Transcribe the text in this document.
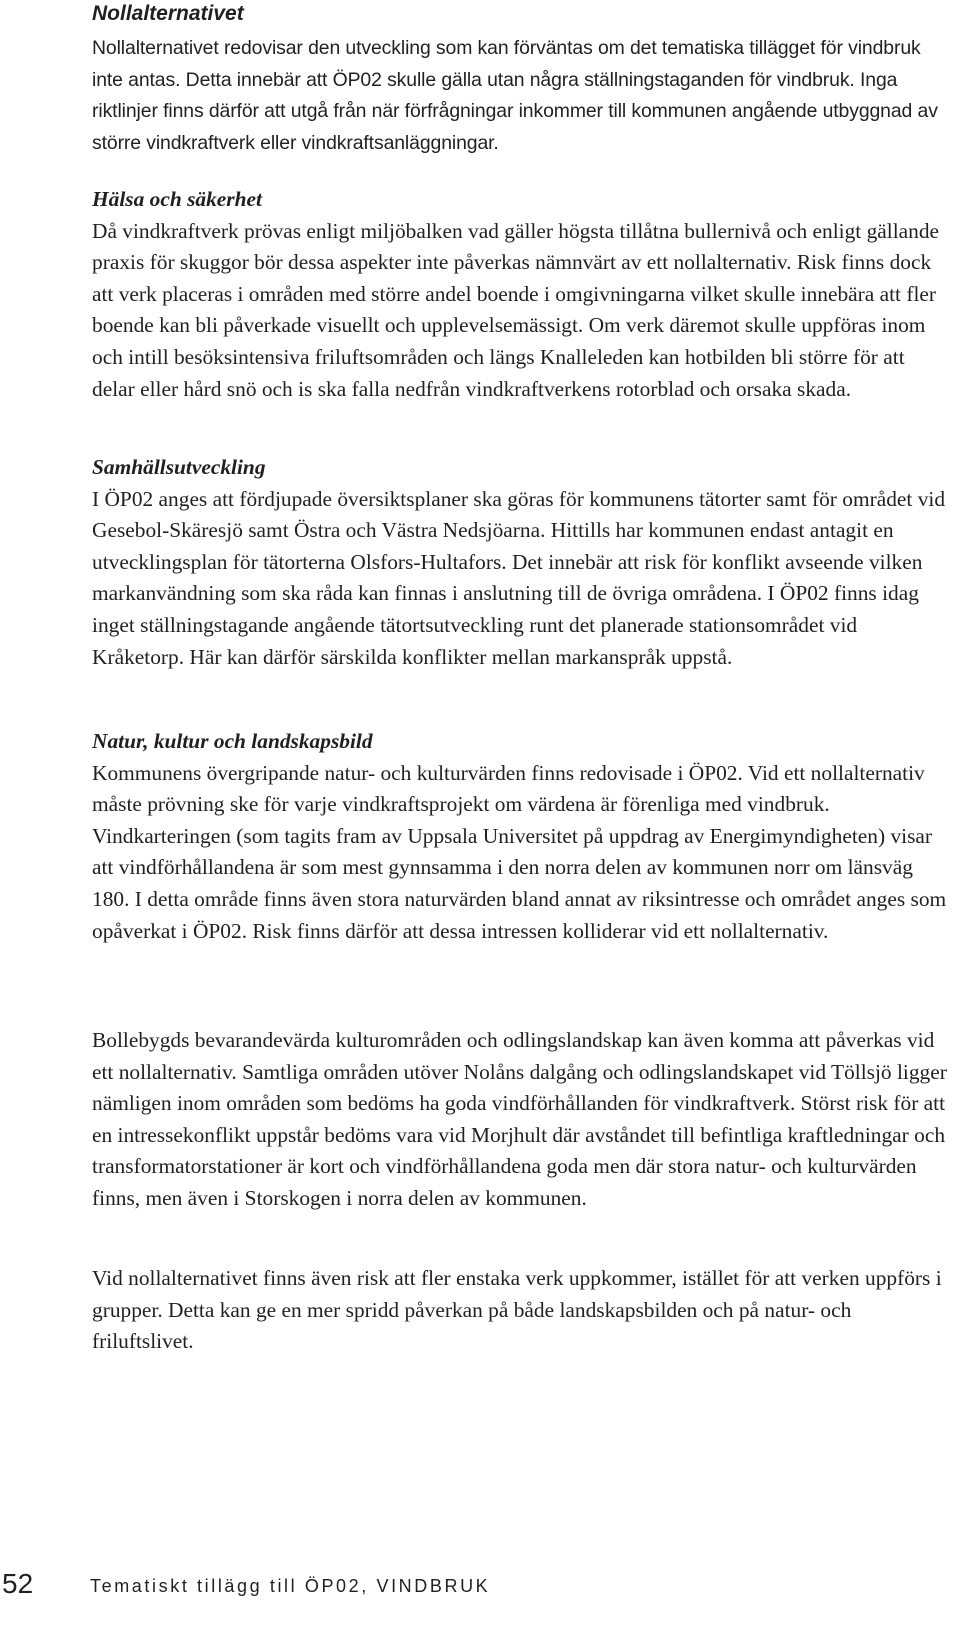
Nollalternativet

Nollalternativet redovisar den utveckling som kan förväntas om det tematiska tillägget för vindbruk inte antas. Detta innebär att ÖP02 skulle gälla utan några ställningstaganden för vindbruk. Inga riktlinjer finns därför att utgå från när förfrågningar inkommer till kommunen angående utbyggnad av större vindkraftverk eller vindkraftsanläggningar.

Hälsa och säkerhet

Då vindkraftverk prövas enligt miljöbalken vad gäller högsta tillåtna bullernivå och enligt gällande praxis för skuggor bör dessa aspekter inte påverkas nämnvärt av ett nollalternativ. Risk finns dock att verk placeras i områden med större andel boende i omgivningarna vilket skulle innebära att fler boende kan bli påverkade visuellt och upplevelsemässigt. Om verk däremot skulle uppföras inom och intill besöksintensiva friluftsområden och längs Knalleleden kan hotbilden bli större för att delar eller hård snö och is ska falla nedfrån vindkraftverkens rotorblad och orsaka skada.

Samhällsutveckling

I ÖP02 anges att fördjupade översiktsplaner ska göras för kommunens tätorter samt för området vid Gesebol-Skäresjö samt Östra och Västra Nedsjöarna. Hittills har kommunen endast antagit en utvecklingsplan för tätorterna Olsfors-Hultafors. Det innebär att risk för konflikt avseende vilken markanvändning som ska råda kan finnas i anslutning till de övriga områdena. I ÖP02 finns idag inget ställningstagande angående tätortsutveckling runt det planerade stationsområdet vid Kråketorp. Här kan därför särskilda konflikter mellan markanspråk uppstå.

Natur, kultur och landskapsbild

Kommunens övergripande natur- och kulturvärden finns redovisade i ÖP02. Vid ett nollalternativ måste prövning ske för varje vindkraftsprojekt om värdena är förenliga med vindbruk. Vindkarteringen (som tagits fram av Uppsala Universitet på uppdrag av Energimyndigheten) visar att vindförhållandena är som mest gynnsamma i den norra delen av kommunen norr om länsväg 180. I detta område finns även stora naturvärden bland annat av riksintresse och området anges som opåverkat i ÖP02. Risk finns därför att dessa intressen kolliderar vid ett nollalternativ.

Bollebygds bevarandevärda kulturområden och odlingslandskap kan även komma att påverkas vid ett nollalternativ. Samtliga områden utöver Nolåns dalgång och odlingslandskapet vid Töllsjö ligger nämligen inom områden som bedöms ha goda vindförhållanden för vindkraftverk. Störst risk för att en intressekonflikt uppstår bedöms vara vid Morjhult där avståndet till befintliga kraftledningar och transformatorstationer är kort och vindförhållandena goda men där stora natur- och kulturvärden finns, men även i Storskogen i norra delen av kommunen.

Vid nollalternativet finns även risk att fler enstaka verk uppkommer, istället för att verken uppförs i grupper. Detta kan ge en mer spridd påverkan på både landskapsbilden och på natur- och friluftslivet.

52	Tematiskt tillägg till ÖP02, VINDBRUK
